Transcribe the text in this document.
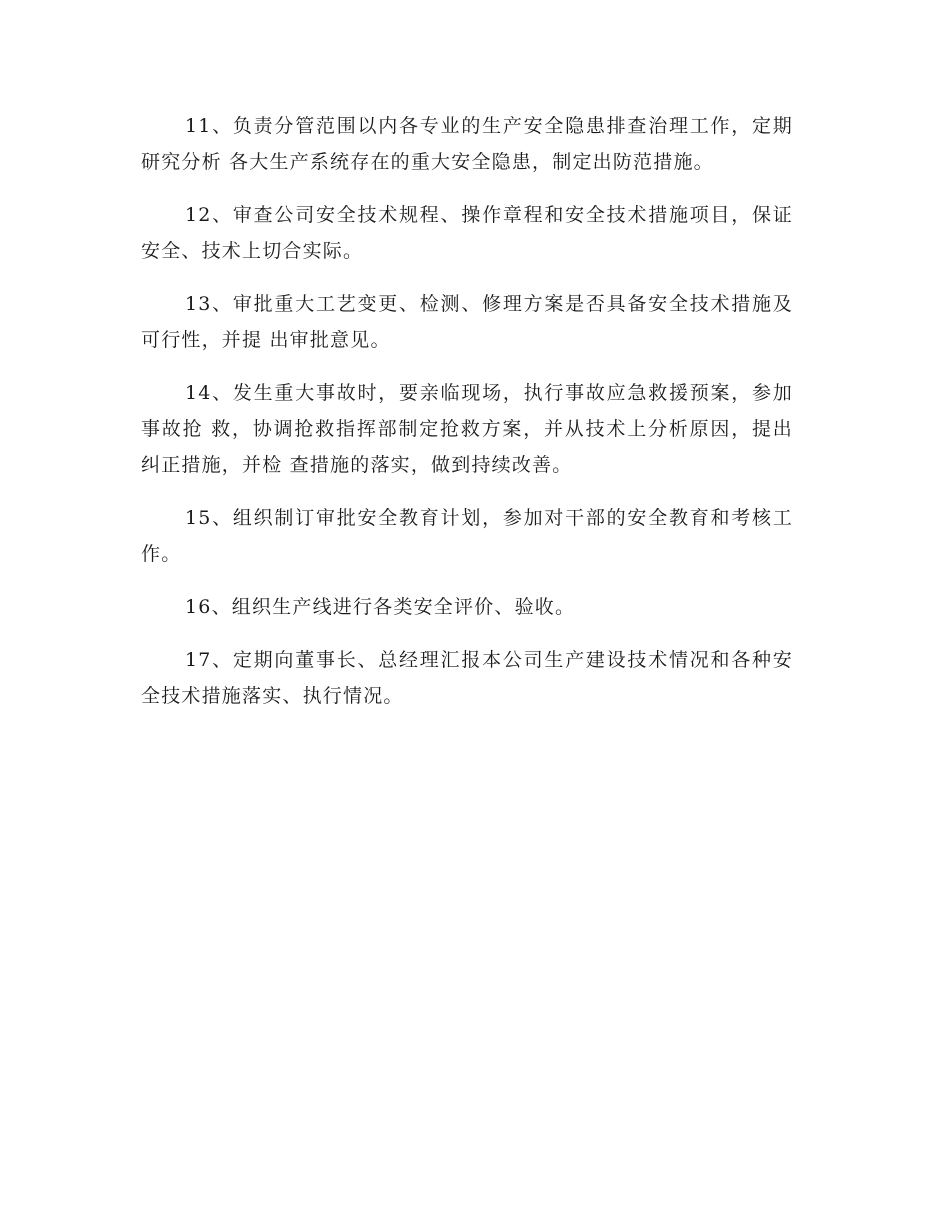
11、负责分管范围以内各专业的生产安全隐患排查治理工作，定期研究分析 各大生产系统存在的重大安全隐患，制定出防范措施。

12、审查公司安全技术规程、操作章程和安全技术措施项目，保证安全、技术上切合实际。

13、审批重大工艺变更、检测、修理方案是否具备安全技术措施及可行性，并提 出审批意见。

14、发生重大事故时，要亲临现场，执行事故应急救援预案，参加事故抢 救，协调抢救指挥部制定抢救方案，并从技术上分析原因，提出纠正措施，并检 查措施的落实，做到持续改善。

15、组织制订审批安全教育计划，参加对干部的安全教育和考核工作。

16、组织生产线进行各类安全评价、验收。

17、定期向董事长、总经理汇报本公司生产建设技术情况和各种安全技术措施落实、执行情况。
